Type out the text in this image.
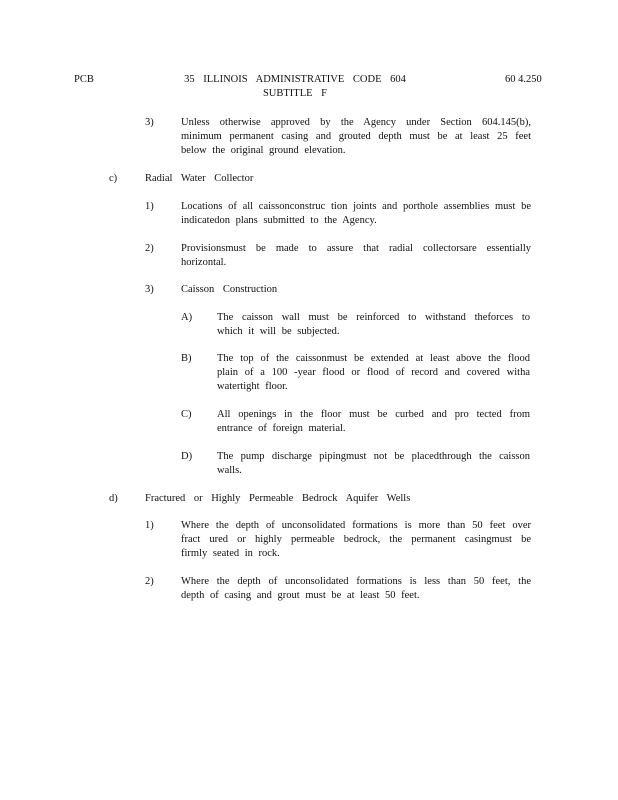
PCB	35 ILLINOIS ADMINISTRATIVE CODE 604
SUBTITLE F
60 4.250
3)	Unless otherwise approved by the Agency under Section 604.145(b), minimum permanent casing and grouted depth must be at least 25 feet below the original ground elevation.
c)	Radial Water Collector
1)	Locations of all caissonconstruc tion joints and porthole assemblies must be indicatedon plans submitted to the Agency.
2)	Provisionsmust be made to assure that radial collectorsare essentially horizontal.
3)	Caisson Construction
A) The caisson wall must be reinforced to withstand theforces to which it will be subjected.
B) The top of the caissonmust be extended at least above the flood plain of a 100 -year flood or flood of record and covered witha watertight floor.
C) All openings in the floor must be curbed and pro tected from entrance of foreign material.
D) The pump discharge pipingmust not be placedthrough the caisson walls.
d)	Fractured or Highly Permeable Bedrock Aquifer Wells
1)	Where the depth of unconsolidated formations is more than 50 feet over fract ured or highly permeable bedrock, the permanent casingmust be firmly seated in rock.
2)	Where the depth of unconsolidated formations is less than 50 feet, the depth of casing and grout must be at least 50 feet.
